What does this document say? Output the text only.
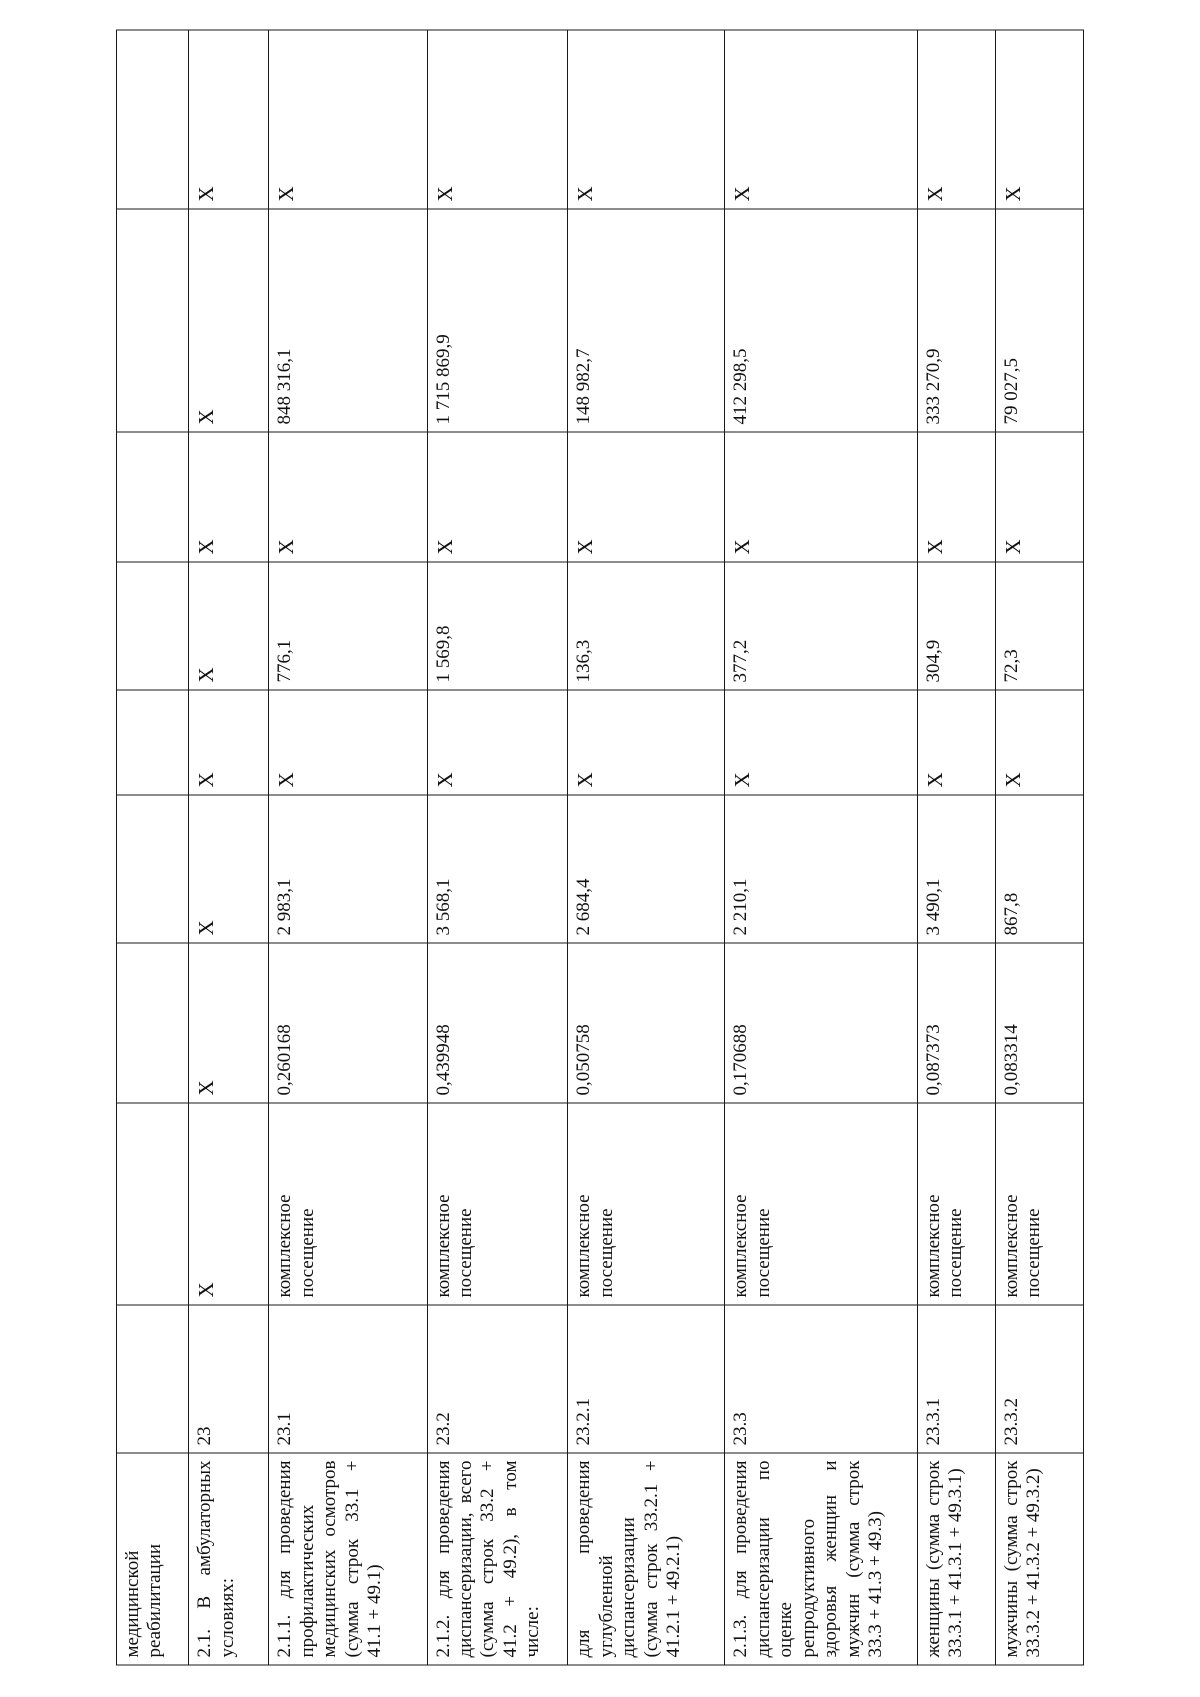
медицинской реабилитации									
2.1. В амбулаторных условиях:	23	X	X	X	X	X	X	X	X
2.1.1. для проведения профилактических медицинских осмотров (сумма строк 33.1 + 41.1 + 49.1)	23.1	комплексное посещение	0,260168	2 983,1	X	776,1	X	848 316,1	X
2.1.2. для проведения диспансеризации, всего (сумма строк 33.2 + 41.2 + 49.2), в том числе:	23.2	комплексное посещение	0,439948	3 568,1	X	1 569,8	X	1 715 869,9	X
для проведения углубленной диспансеризации (сумма строк 33.2.1 + 41.2.1 + 49.2.1)	23.2.1	комплексное посещение	0,050758	2 684,4	X	136,3	X	148 982,7	X
2.1.3. для проведения диспансеризации по оценке репродуктивного здоровья женщин и мужчин (сумма строк 33.3 + 41.3 + 49.3)	23.3	комплексное посещение	0,170688	2 210,1	X	377,2	X	412 298,5	X
женщины (сумма строк 33.3.1 + 41.3.1 + 49.3.1)	23.3.1	комплексное посещение	0,087373	3 490,1	X	304,9	X	333 270,9	X
мужчины (сумма строк 33.3.2 + 41.3.2 + 49.3.2)	23.3.2	комплексное посещение	0,083314	867,8	X	72,3	X	79 027,5	X
